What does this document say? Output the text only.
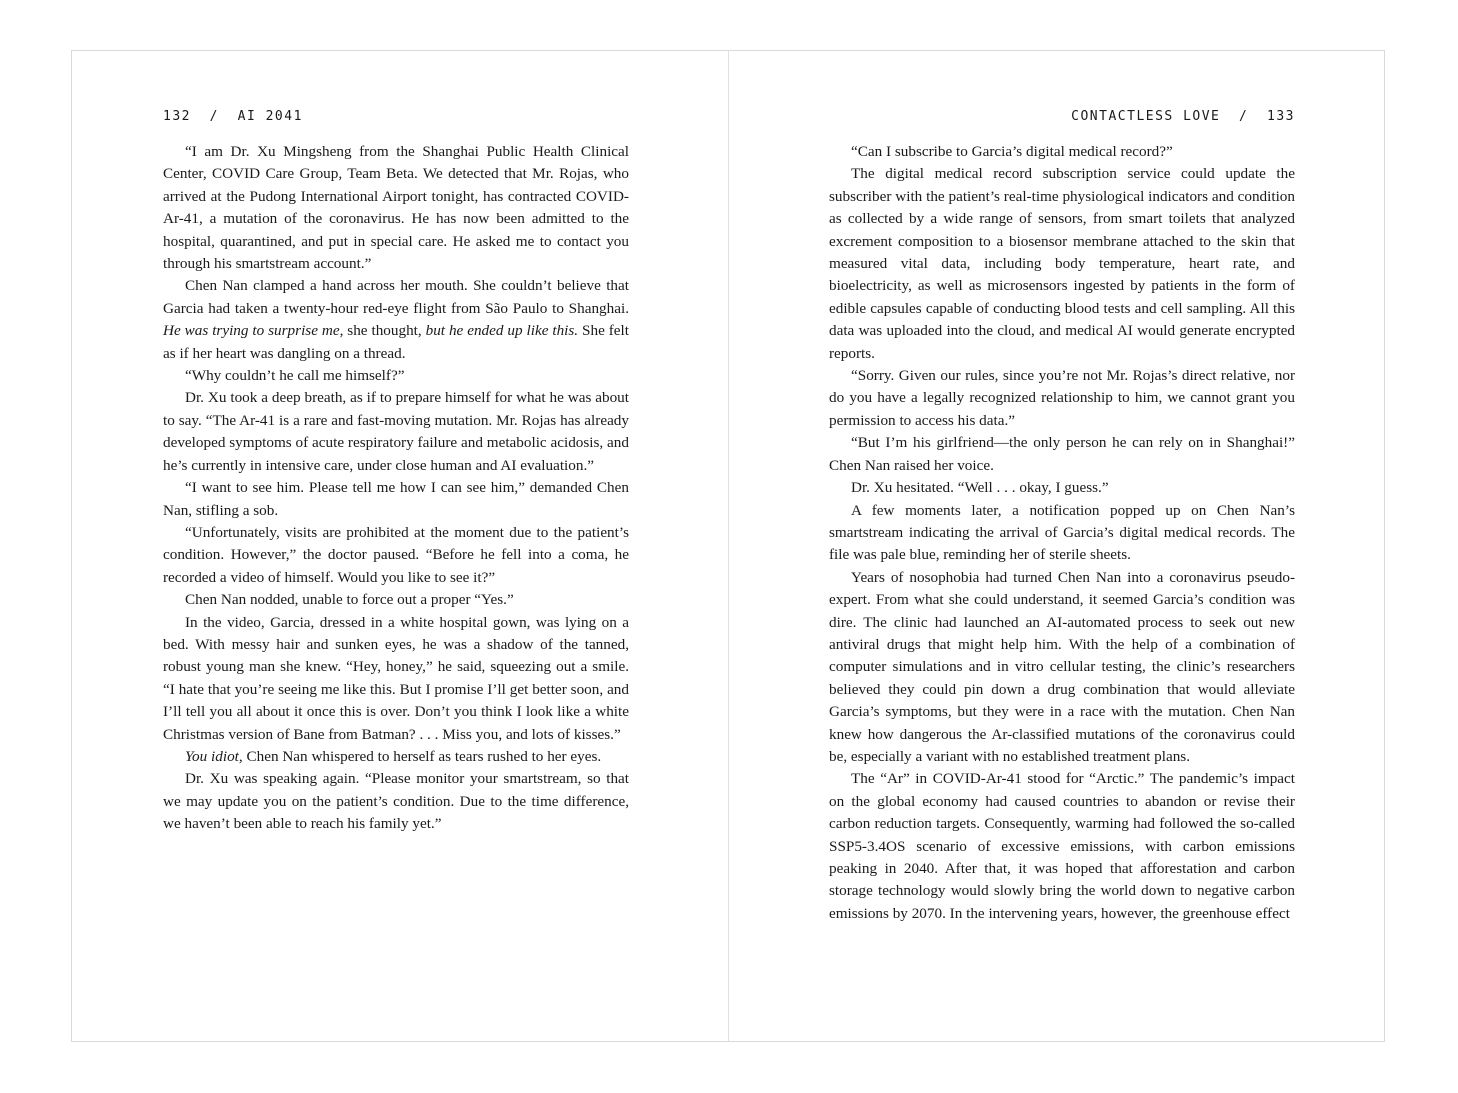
132  /  AI 2041

“I am Dr. Xu Mingsheng from the Shanghai Public Health Clinical Center, COVID Care Group, Team Beta. We detected that Mr. Rojas, who arrived at the Pudong International Airport tonight, has contracted COVID-Ar-41, a mutation of the coronavirus. He has now been admitted to the hospital, quarantined, and put in special care. He asked me to contact you through his smartstream account.”

Chen Nan clamped a hand across her mouth. She couldn’t believe that Garcia had taken a twenty-hour red-eye flight from São Paulo to Shanghai. He was trying to surprise me, she thought, but he ended up like this. She felt as if her heart was dangling on a thread.

“Why couldn’t he call me himself?”

Dr. Xu took a deep breath, as if to prepare himself for what he was about to say. “The Ar-41 is a rare and fast-moving mutation. Mr. Rojas has already developed symptoms of acute respiratory failure and metabolic acidosis, and he’s currently in intensive care, under close human and AI evaluation.”

“I want to see him. Please tell me how I can see him,” demanded Chen Nan, stifling a sob.

“Unfortunately, visits are prohibited at the moment due to the patient’s condition. However,” the doctor paused. “Before he fell into a coma, he recorded a video of himself. Would you like to see it?”

Chen Nan nodded, unable to force out a proper “Yes.”

In the video, Garcia, dressed in a white hospital gown, was lying on a bed. With messy hair and sunken eyes, he was a shadow of the tanned, robust young man she knew. “Hey, honey,” he said, squeezing out a smile. “I hate that you’re seeing me like this. But I promise I’ll get better soon, and I’ll tell you all about it once this is over. Don’t you think I look like a white Christmas version of Bane from Batman? . . . Miss you, and lots of kisses.”

You idiot, Chen Nan whispered to herself as tears rushed to her eyes.

Dr. Xu was speaking again. “Please monitor your smartstream, so that we may update you on the patient’s condition. Due to the time difference, we haven’t been able to reach his family yet.”

CONTACTLESS LOVE  /  133

“Can I subscribe to Garcia’s digital medical record?”

The digital medical record subscription service could update the subscriber with the patient’s real-time physiological indicators and condition as collected by a wide range of sensors, from smart toilets that analyzed excrement composition to a biosensor membrane attached to the skin that measured vital data, including body temperature, heart rate, and bioelectricity, as well as microsensors ingested by patients in the form of edible capsules capable of conducting blood tests and cell sampling. All this data was uploaded into the cloud, and medical AI would generate encrypted reports.

“Sorry. Given our rules, since you’re not Mr. Rojas’s direct relative, nor do you have a legally recognized relationship to him, we cannot grant you permission to access his data.”

“But I’m his girlfriend—the only person he can rely on in Shanghai!” Chen Nan raised her voice.

Dr. Xu hesitated. “Well . . . okay, I guess.”

A few moments later, a notification popped up on Chen Nan’s smartstream indicating the arrival of Garcia’s digital medical records. The file was pale blue, reminding her of sterile sheets.

Years of nosophobia had turned Chen Nan into a coronavirus pseudo-expert. From what she could understand, it seemed Garcia’s condition was dire. The clinic had launched an AI-automated process to seek out new antiviral drugs that might help him. With the help of a combination of computer simulations and in vitro cellular testing, the clinic’s researchers believed they could pin down a drug combination that would alleviate Garcia’s symptoms, but they were in a race with the mutation. Chen Nan knew how dangerous the Ar-classified mutations of the coronavirus could be, especially a variant with no established treatment plans.

The “Ar” in COVID-Ar-41 stood for “Arctic.” The pandemic’s impact on the global economy had caused countries to abandon or revise their carbon reduction targets. Consequently, warming had followed the so-called SSP5-3.4OS scenario of excessive emissions, with carbon emissions peaking in 2040. After that, it was hoped that afforestation and carbon storage technology would slowly bring the world down to negative carbon emissions by 2070. In the intervening years, however, the greenhouse effect
